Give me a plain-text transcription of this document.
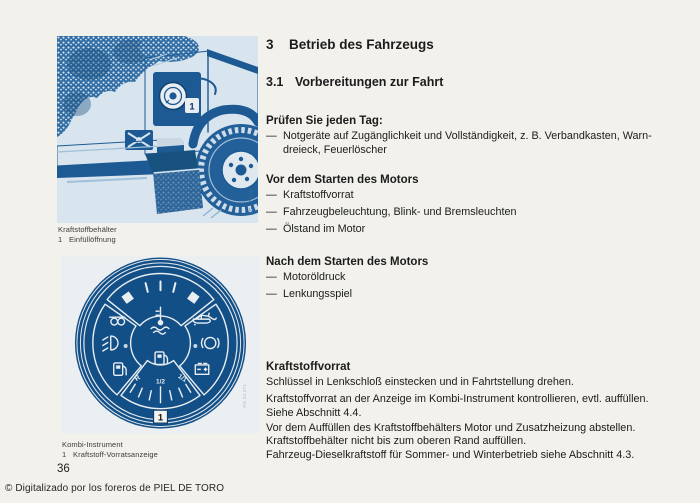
1
FG 22 734
Kraftstoffbehälter
1 Einfüllöffnung
R 1/2 1/1
1
FG 24 274
Kombi-Instrument
1 Kraftstoff-Vorratsanzeige
3 Betrieb des Fahrzeugs
3.1 Vorbereitungen zur Fahrt
Prüfen Sie jeden Tag:
— Notgeräte auf Zugänglichkeit und Vollständigkeit, z. B. Verbandkasten, Warn-
dreieck, Feuerlöscher
Vor dem Starten des Motors
— Kraftstoffvorrat
— Fahrzeugbeleuchtung, Blink- und Bremsleuchten
— Ölstand im Motor
Nach dem Starten des Motors
— Motoröldruck
— Lenkungsspiel
Kraftstoffvorrat
Schlüssel in Lenkschloß einstecken und in Fahrtstellung drehen.
Kraftstoffvorrat an der Anzeige im Kombi-Instrument kontrollieren, evtl. auffüllen.
Siehe Abschnitt 4.4.
Vor dem Auffüllen des Kraftstoffbehälters Motor und Zusatzheizung abstellen.
Kraftstoffbehälter nicht bis zum oberen Rand auffüllen.
Fahrzeug-Dieselkraftstoff für Sommer- und Winterbetrieb siehe Abschnitt 4.3.
36
© Digitalizado por los foreros de PIEL DE TORO
